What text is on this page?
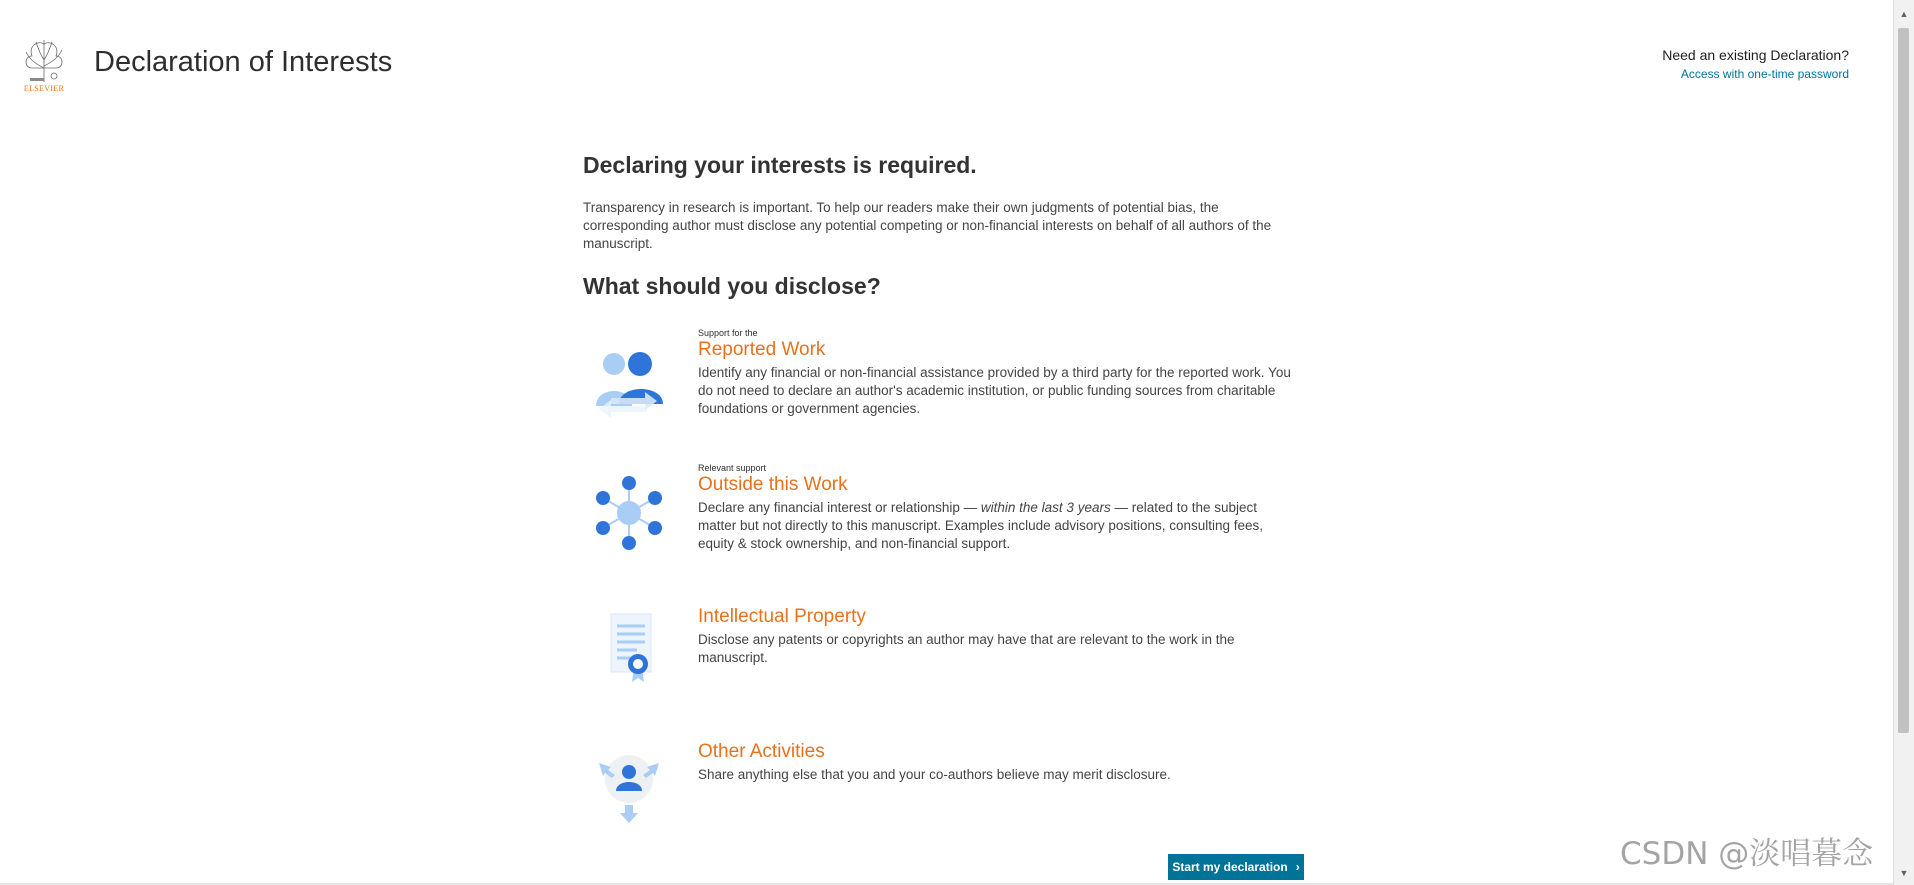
ELSEVIER
Declaration of Interests	Need an existing Declaration?
Access with one-time password
Declaring your interests is required.

Transparency in research is important. To help our readers make their own judgments of potential bias, the corresponding author must disclose any potential competing or non-financial interests on behalf of all authors of the manuscript.

What should you disclose?
Support for the
Reported Work
Identify any financial or non-financial assistance provided by a third party for the reported work. You do not need to declare an author's academic institution, or public funding sources from charitable foundations or government agencies.
Relevant support
Outside this Work
Declare any financial interest or relationship — within the last 3 years — related to the subject matter but not directly to this manuscript. Examples include advisory positions, consulting fees, equity & stock ownership, and non-financial support.
Intellectual Property
Disclose any patents or copyrights an author may have that are relevant to the work in the manuscript.
Other Activities
Share anything else that you and your co-authors believe may merit disclosure.
Start my declaration ›	CSDN @淡唱暮念
▲
▼
